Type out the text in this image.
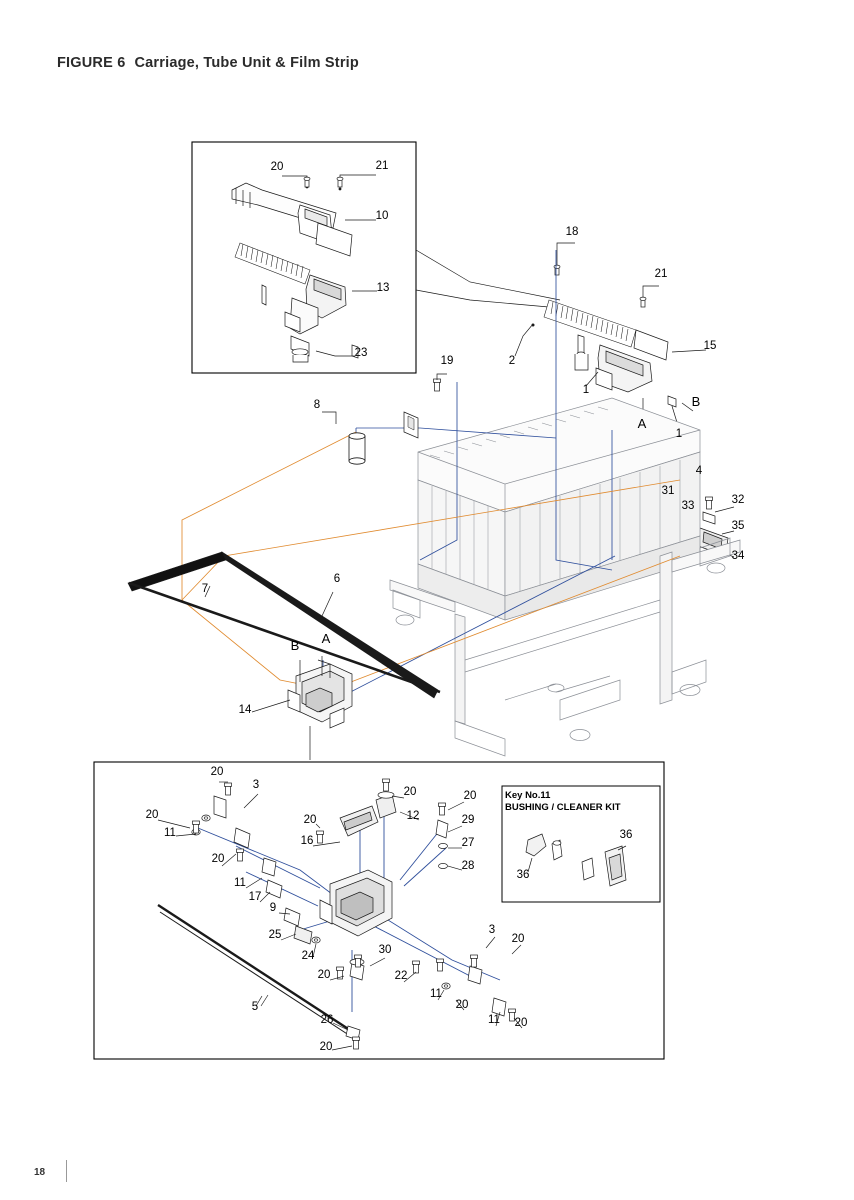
FIGURE 6 Carriage, Tube Unit & Film Strip
20	21
10
13
23
18
21
15
2
1
B
A
1
4
19
8
31
33	32
35
34
7
6
B A
14
20
3
20
11
20
11
17
9
25
24
5
26
20
20
16
20	20
12	29
27
28
30
22
20
11
20
11 20
3
20
36
36
Key No.11
BUSHING / CLEANER KIT
18
